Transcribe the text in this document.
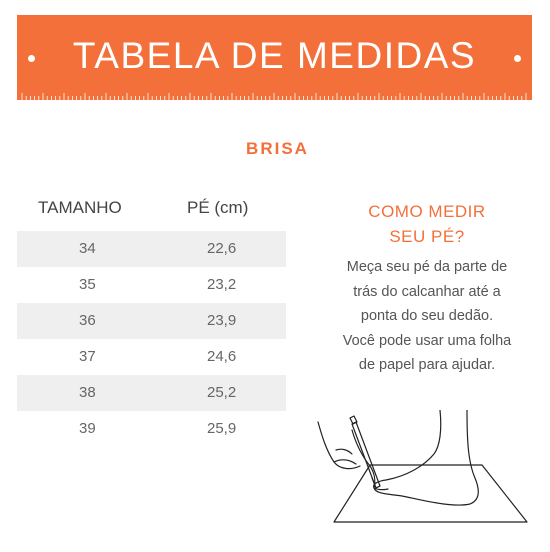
TABELA DE MEDIDAS
BRISA
TAMANHO	PÉ (cm)
34	22,6
35	23,2
36	23,9
37	24,6
38	25,2
39	25,9
COMO MEDIR
SEU PÉ?
Meça seu pé da parte de
trás do calcanhar até a
ponta do seu dedão.
Você pode usar uma folha
de papel para ajudar.
